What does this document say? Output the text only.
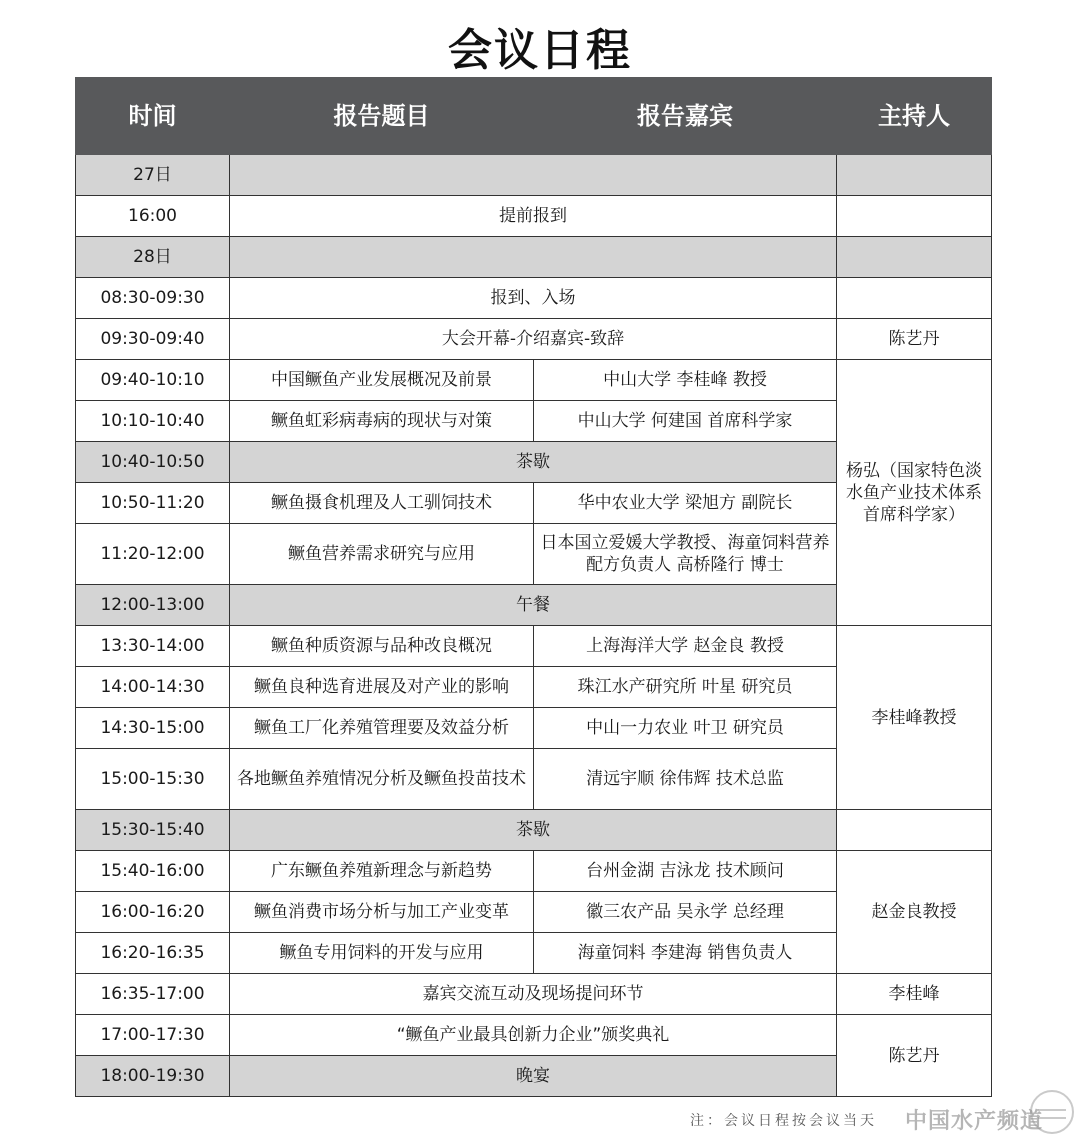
会议日程
时间	报告题目	报告嘉宾	主持人
27日			
16:00	提前报到		
28日			
08:30-09:30	报到、入场		
09:30-09:40	大会开幕-介绍嘉宾-致辞		陈艺丹
09:40-10:10	中国鳜鱼产业发展概况及前景	中山大学 李桂峰 教授	杨弘（国家特色淡水鱼产业技术体系首席科学家）
10:10-10:40	鳜鱼虹彩病毒病的现状与对策	中山大学 何建国 首席科学家	
10:40-10:50	茶歇		
10:50-11:20	鳜鱼摄食机理及人工驯饲技术	华中农业大学 梁旭方 副院长	
11:20-12:00	鳜鱼营养需求研究与应用	日本国立爱媛大学教授、海童饲料营养配方负责人 高桥隆行 博士	
12:00-13:00	午餐		
13:30-14:00	鳜鱼种质资源与品种改良概况	上海海洋大学 赵金良 教授	李桂峰教授
14:00-14:30	鳜鱼良种选育进展及对产业的影响	珠江水产研究所 叶星 研究员	
14:30-15:00	鳜鱼工厂化养殖管理要及效益分析	中山一力农业 叶卫 研究员	
15:00-15:30	各地鳜鱼养殖情况分析及鳜鱼投苗技术	清远宇顺 徐伟辉 技术总监	
15:30-15:40	茶歇		
15:40-16:00	广东鳜鱼养殖新理念与新趋势	台州金湖 吉泳龙 技术顾问	赵金良教授
16:00-16:20	鳜鱼消费市场分析与加工产业变革	徽三农产品 吴永学 总经理	
16:20-16:35	鳜鱼专用饲料的开发与应用	海童饲料 李建海 销售负责人	
16:35-17:00	嘉宾交流互动及现场提问环节		李桂峰
17:00-17:30	“鳜鱼产业最具创新力企业”颁奖典礼		陈艺丹
18:00-19:30	晚宴		
注：会议日程按会议当天	中国水产频道
